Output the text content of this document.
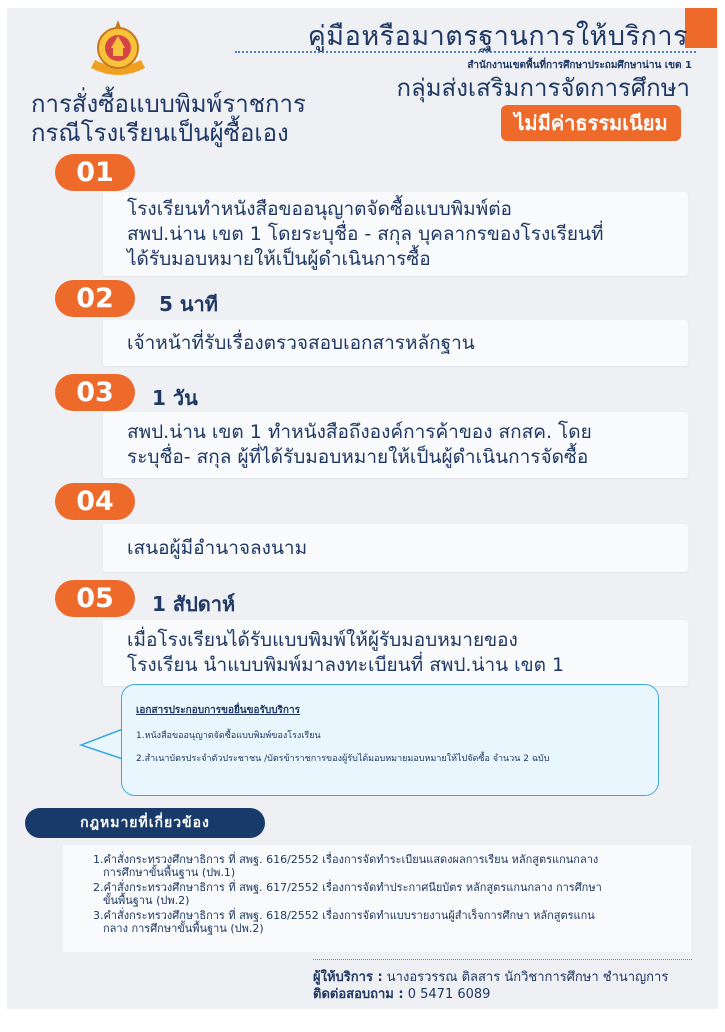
คู่มือหรือมาตรฐานการให้บริการ
สำนักงานเขตพื้นที่การศึกษาประถมศึกษาน่าน เขต 1
กลุ่มส่งเสริมการจัดการศึกษา
ไม่มีค่าธรรมเนียม
การสั่งซื้อแบบพิมพ์ราชการ
กรณีโรงเรียนเป็นผู้ซื้อเอง
01
โรงเรียนทำหนังสือขออนุญาตจัดซื้อแบบพิมพ์ต่อ
สพป.น่าน เขต 1 โดยระบุชื่อ - สกุล บุคลากรของโรงเรียนที่
ได้รับมอบหมายให้เป็นผู้ดำเนินการซื้อ
02	5 นาที
เจ้าหน้าที่รับเรื่องตรวจสอบเอกสารหลักฐาน
03	1 วัน
สพป.น่าน เขต 1 ทำหนังสือถึงองค์การค้าของ สกสค. โดย
ระบุชื่อ- สกุล ผู้ที่ได้รับมอบหมายให้เป็นผู้ดำเนินการจัดซื้อ
04
เสนอผู้มีอำนาจลงนาม
05	1 สัปดาห์
เมื่อโรงเรียนได้รับแบบพิมพ์ให้ผู้รับมอบหมายของ
โรงเรียน นำแบบพิมพ์มาลงทะเบียนที่ สพป.น่าน เขต 1
เอกสารประกอบการขอยื่นขอรับบริการ
1.หนังสือขออนุญาตจัดซื้อแบบพิมพ์ของโรงเรียน
2.สำเนาบัตรประจำตัวประชาชน /บัตรข้าราชการของผู้รับได้มอบหมายมอบหมายให้ไปจัดซื้อ จำนวน 2 ฉบับ
กฎหมายที่เกี่ยวข้อง
1.คำสั่งกระทรวงศึกษาธิการ ที่ สพฐ. 616/2552 เรื่องการจัดทำระเบียนแสดงผลการเรียน หลักสูตรแกนกลาง
การศึกษาขั้นพื้นฐาน (ปพ.1)
2.คำสั่งกระทรวงศึกษาธิการ ที่ สพฐ. 617/2552 เรื่องการจัดทำประกาศนียบัตร หลักสูตรแกนกลาง การศึกษา
ขั้นพื้นฐาน (ปพ.2)
3.คำสั่งกระทรวงศึกษาธิการ ที่ สพฐ. 618/2552 เรื่องการจัดทำแบบรายงานผู้สำเร็จการศึกษา หลักสูตรแกน
กลาง การศึกษาขั้นพื้นฐาน (ปพ.2)
ผู้ให้บริการ : นางอรวรรณ ติลสาร นักวิชาการศึกษา ชำนาญการ
ติดต่อสอบถาม : 0 5471 6089
